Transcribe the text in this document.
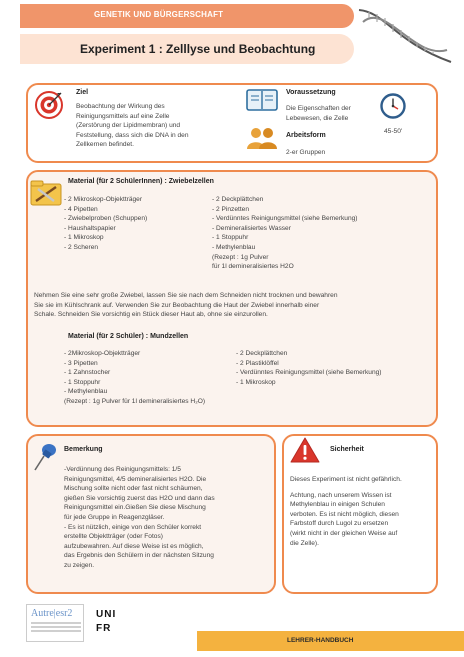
GENETIK UND BÜRGERSCHAFT
Experiment 1 : Zelllyse und Beobachtung
Ziel
Beobachtung der Wirkung des
Reinigungsmittels auf eine Zelle
(Zerstörung der Lipidmembran) und
Feststellung, dass sich die DNA in den
Zellkernen befindet.
Voraussetzung
Die Eigenschaften der
Lebewesen, die Zelle
45-50'
Arbeitsform
2-er Gruppen
Material (für 2 SchülerInnen) : Zwiebelzellen
- 2 Mikroskop-Objektträger
- 4 Pipetten
- Zwiebelproben (Schuppen)
- Haushaltspapier
- 1 Mikroskop
- 2 Scheren
- 2 Deckplättchen
- 2 Pinzetten
- Verdünntes Reinigungsmittel (siehe Bemerkung)
- Demineralisiertes Wasser
- 1 Stoppuhr
- Methylenblau
(Rezept : 1g Pulver
für 1l demineralisiertes H2O
Nehmen Sie eine sehr große Zwiebel, lassen Sie sie nach dem Schneiden nicht trocknen und bewahren
Sie sie im Kühlschrank auf. Verwenden Sie zur Beobachtung die Haut der Zwiebel innerhalb einer
Schale. Schneiden Sie vorsichtig ein Stück dieser Haut ab, ohne sie einzurollen.
Material (für 2 Schüler) : Mundzellen
- 2Mikroskop-Objektträger
- 3 Pipetten
- 1 Zahnstocher
- 1 Stoppuhr
- Methylenblau
(Rezept : 1g Pulver für 1l demineralisiertes H₂O)
- 2 Deckplättchen
- 2 Plastiklöffel
- Verdünntes Reinigungsmittel (siehe Bemerkung)
- 1 Mikroskop
Bemerkung
-Verdünnung des Reinigungsmittels: 1/5
Reinigungsmittel, 4/5 demineralisiertes H2O. Die
Mischung sollte nicht oder fast nicht schäumen,
gießen Sie vorsichtig zuerst das H2O und dann das
Reinigungsmittel ein.Gießen Sie diese Mischung
für jede Gruppe in Reagenzgläser.
- Es ist nützlich, einige von den Schüler korrekt
erstellte Objektträger (oder Fotos)
aufzubewahren. Auf diese Weise ist es möglich,
das Ergebnis den Schülern in der nächsten Sitzung
zu zeigen.
Sicherheit
Dieses Experiment ist nicht gefährlich.
Achtung, nach unserem Wissen ist
Methylenblau in einigen Schulen
verboten. Es ist nicht möglich, diesen
Farbstoff durch Lugol zu ersetzen
(wirkt nicht in der gleichen Weise auf
die Zelle).
Autre|esr2 UNI
FR
LEHRER-HANDBUCH
